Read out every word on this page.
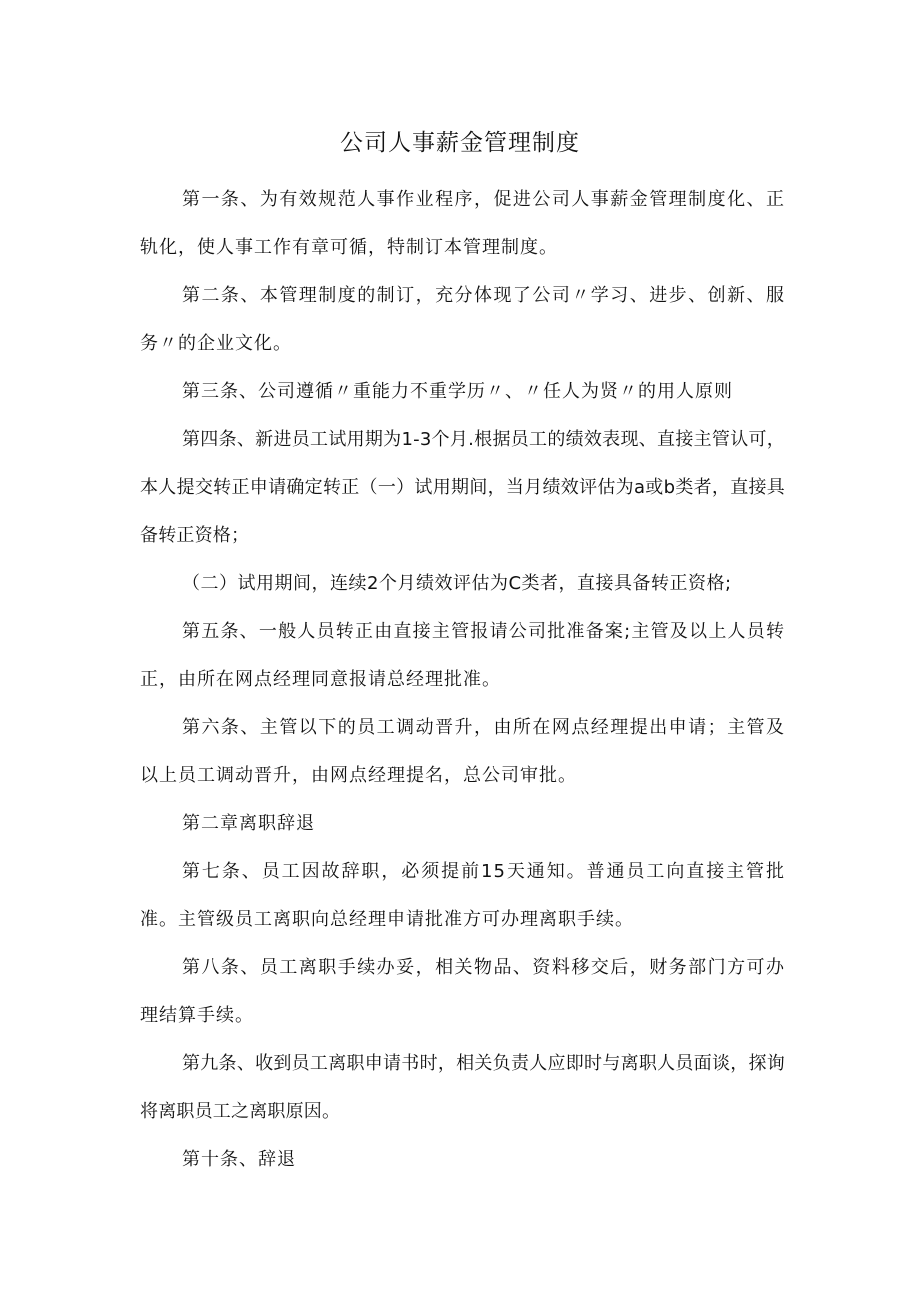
公司人事薪金管理制度

第一条、为有效规范人事作业程序，促进公司人事薪金管理制度化、正轨化，使人事工作有章可循，特制订本管理制度。

第二条、本管理制度的制订，充分体现了公司〃学习、进步、创新、服务〃的企业文化。

第三条、公司遵循〃重能力不重学历〃、〃任人为贤〃的用人原则

第四条、新进员工试用期为1-3个月.根据员工的绩效表现、直接主管认可，本人提交转正申请确定转正（一）试用期间，当月绩效评估为a或b类者，直接具备转正资格；

（二）试用期间，连续2个月绩效评估为C类者，直接具备转正资格;

第五条、一般人员转正由直接主管报请公司批准备案;主管及以上人员转正，由所在网点经理同意报请总经理批准。

第六条、主管以下的员工调动晋升，由所在网点经理提出申请；主管及以上员工调动晋升，由网点经理提名，总公司审批。

第二章离职辞退

第七条、员工因故辞职，必须提前15天通知。普通员工向直接主管批准。主管级员工离职向总经理申请批准方可办理离职手续。

第八条、员工离职手续办妥，相关物品、资料移交后，财务部门方可办理结算手续。

第九条、收到员工离职申请书时，相关负责人应即时与离职人员面谈，探询将离职员工之离职原因。

第十条、辞退
